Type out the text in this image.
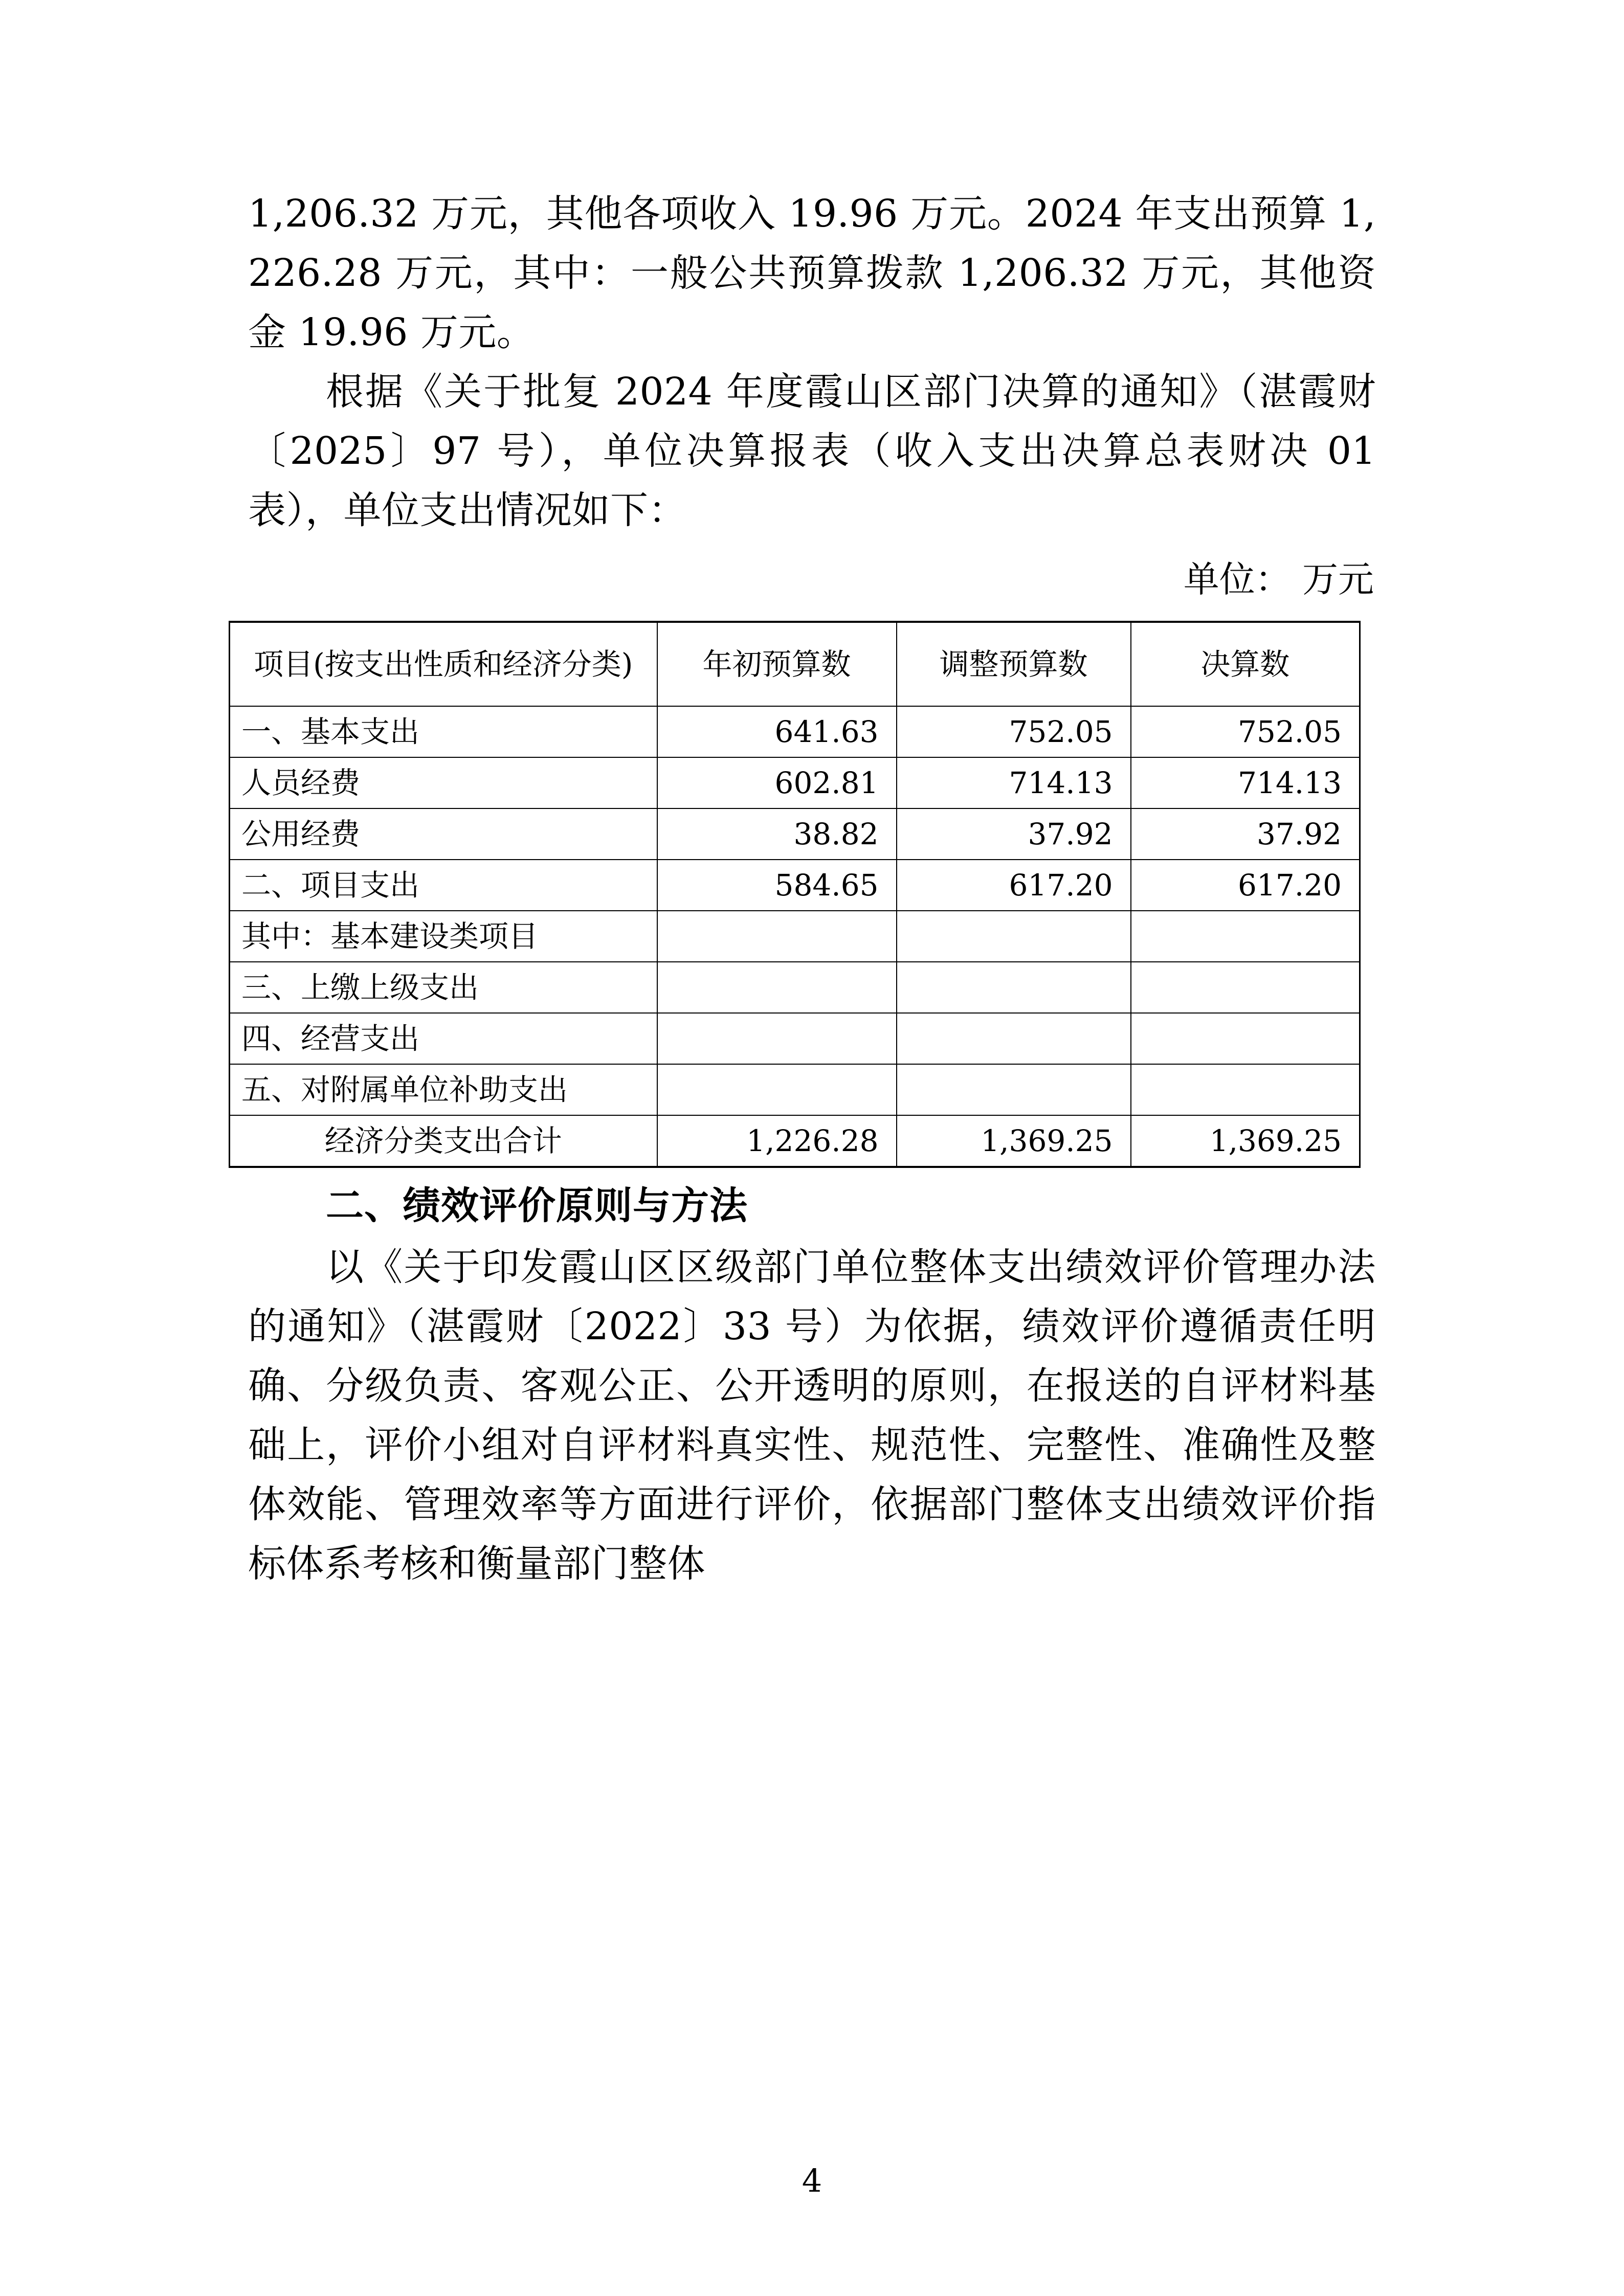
1,206.32 万元，其他各项收入 19.96 万元。2024 年支出预算 1,226.28 万元，其中：一般公共预算拨款 1,206.32 万元，其他资金 19.96 万元。

根据《关于批复 2024 年度霞山区部门决算的通知》（湛霞财〔2025〕97 号），单位决算报表（收入支出决算总表财决 01 表），单位支出情况如下：

单位： 万元
项目(按支出性质和经济分类)	年初预算数	调整预算数	决算数
一、基本支出	641.63	752.05	752.05
人员经费	602.81	714.13	714.13
公用经费	38.82	37.92	37.92
二、项目支出	584.65	617.20	617.20
其中：基本建设类项目			
三、上缴上级支出			
四、经营支出			
五、对附属单位补助支出			
经济分类支出合计	1,226.28	1,369.25	1,369.25
二、绩效评价原则与方法

以《关于印发霞山区区级部门单位整体支出绩效评价管理办法的通知》（湛霞财〔2022〕33 号）为依据，绩效评价遵循责任明确、分级负责、客观公正、公开透明的原则，在报送的自评材料基础上，评价小组对自评材料真实性、规范性、完整性、准确性及整体效能、管理效率等方面进行评价，依据部门整体支出绩效评价指标体系考核和衡量部门整体

4
